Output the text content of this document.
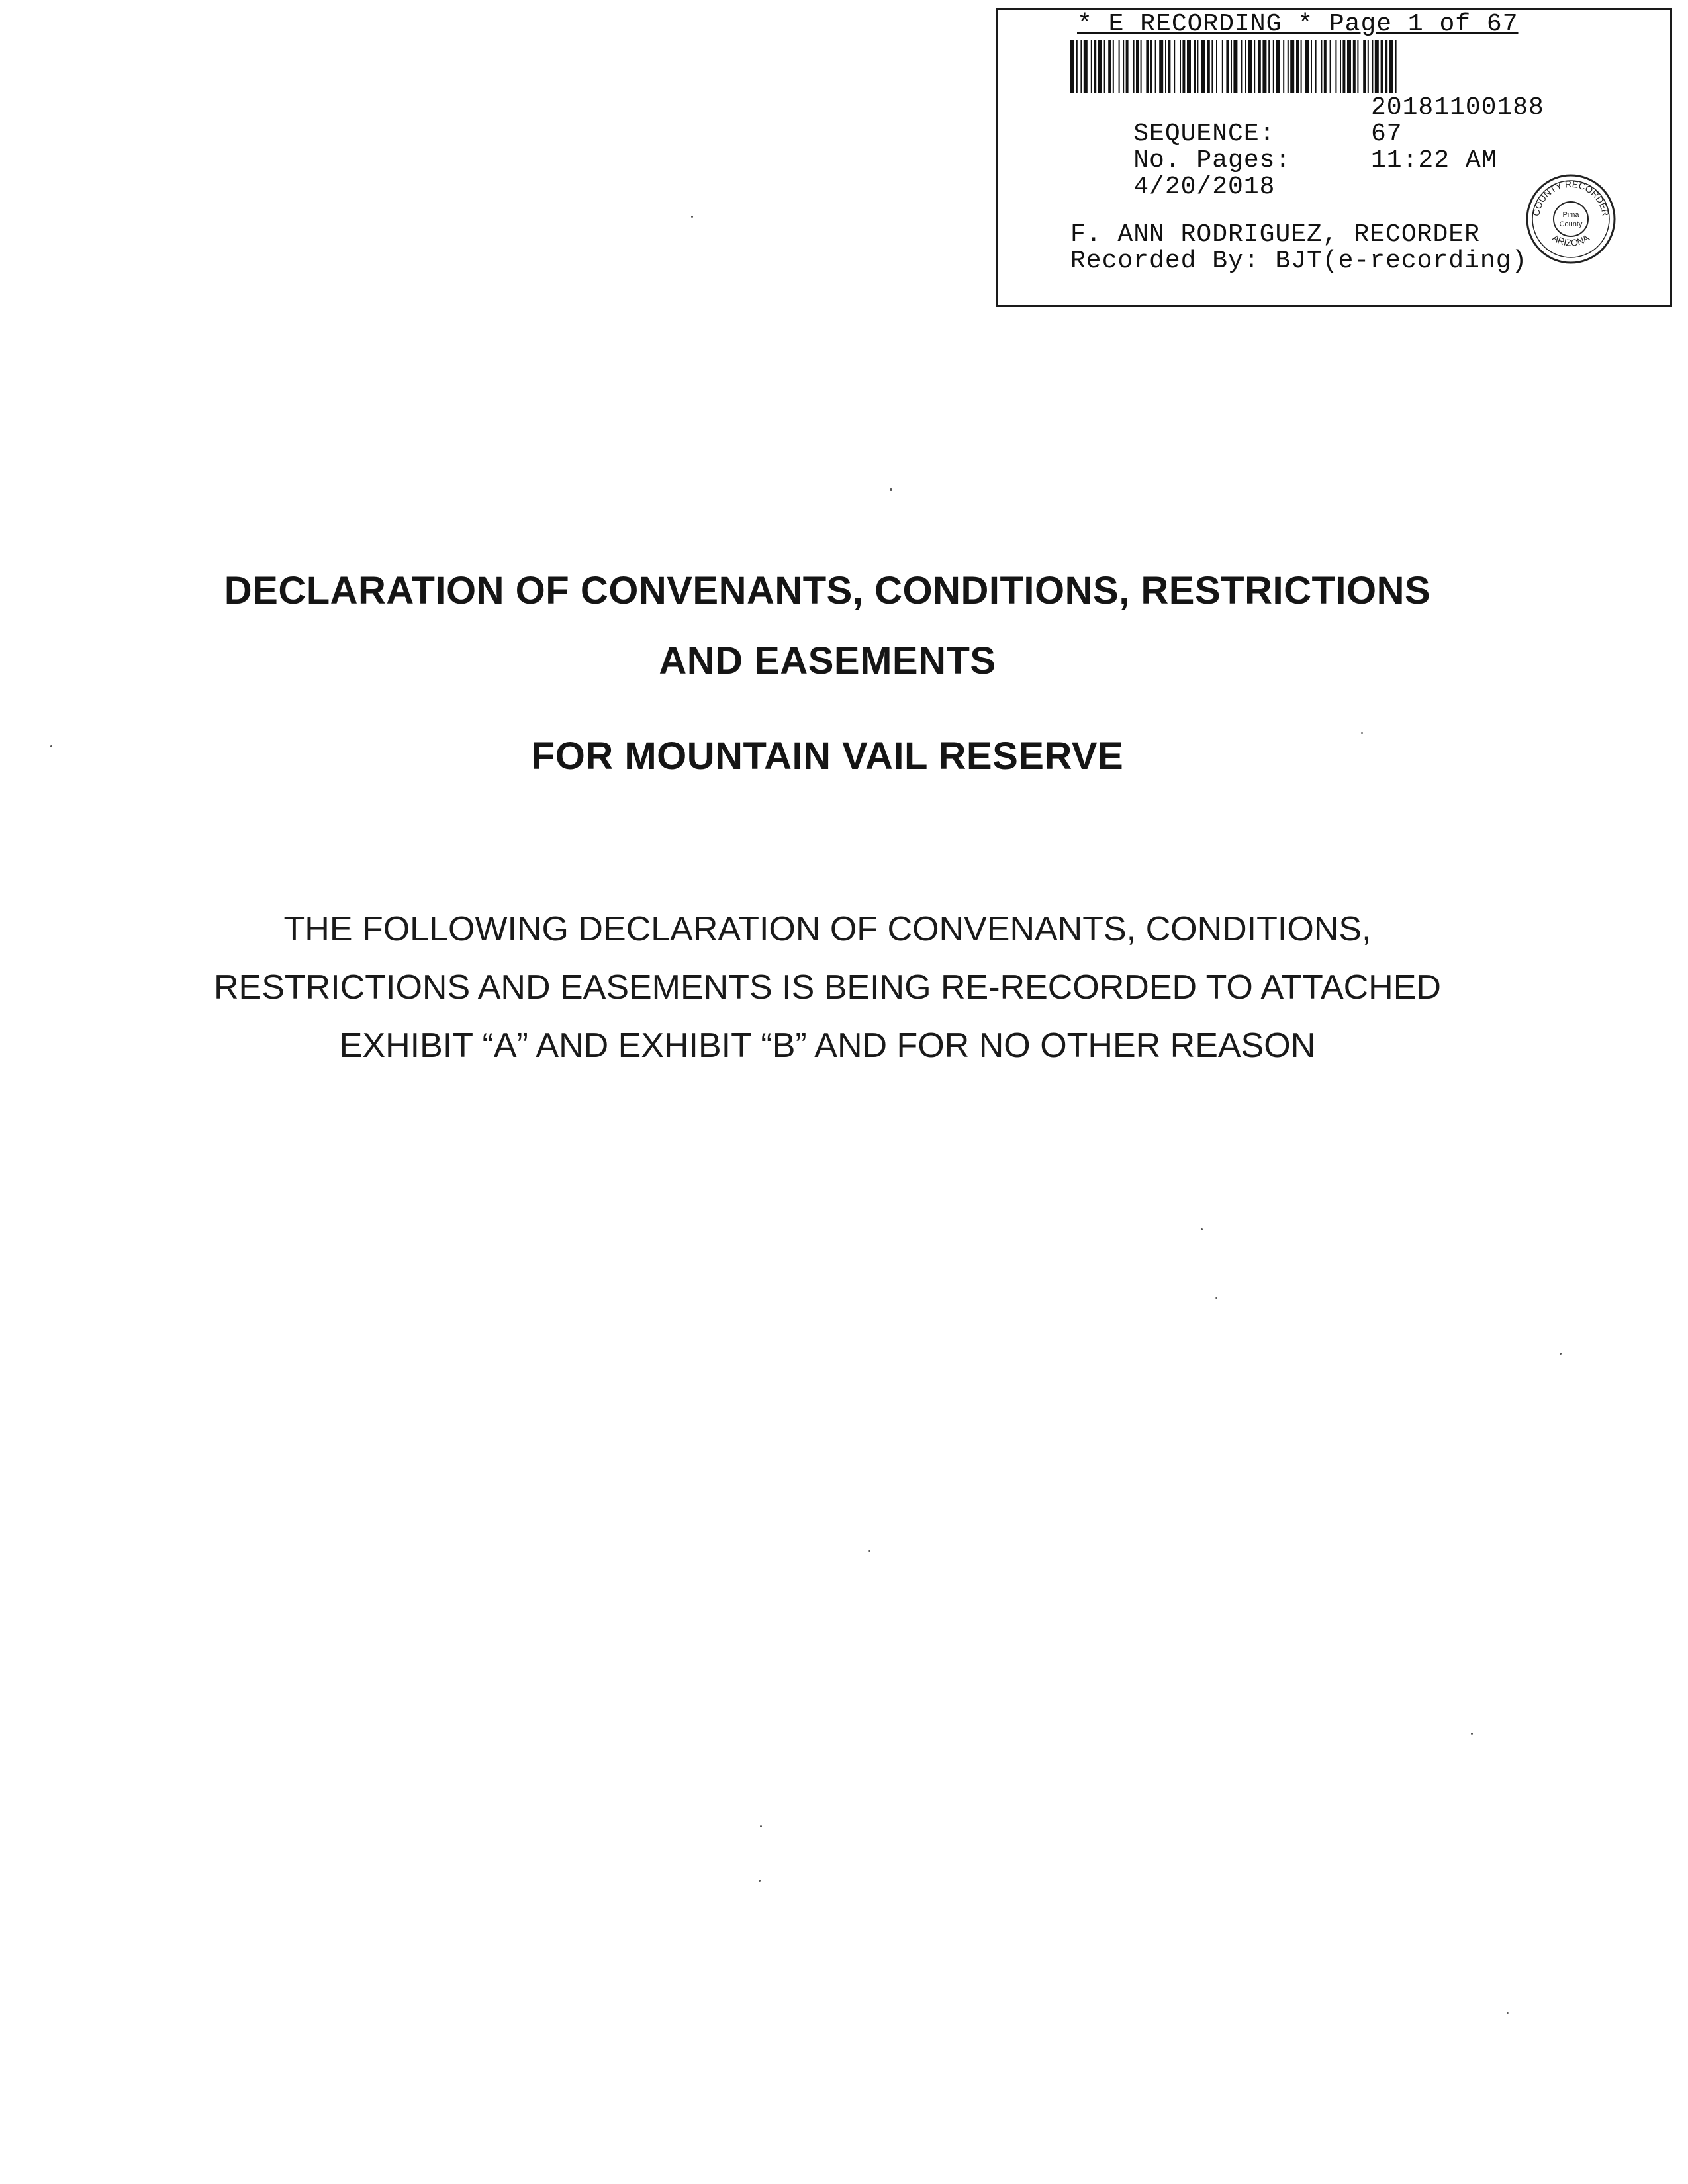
* E RECORDING * Page 1 of 67

SEQUENCE:

20181100188

No. Pages:

67

4/20/2018

11:22 AM

F. ANN RODRIGUEZ, RECORDER
Recorded By: BJT(e-recording)
COUNTY RECORDER
ARIZONA
Pima
County
DECLARATION OF CONVENANTS, CONDITIONS, RESTRICTIONS
AND EASEMENTS
FOR MOUNTAIN VAIL RESERVE
THE FOLLOWING DECLARATION OF CONVENANTS, CONDITIONS,
RESTRICTIONS AND EASEMENTS IS BEING RE-RECORDED TO ATTACHED
EXHIBIT “A” AND EXHIBIT “B” AND FOR NO OTHER REASON
